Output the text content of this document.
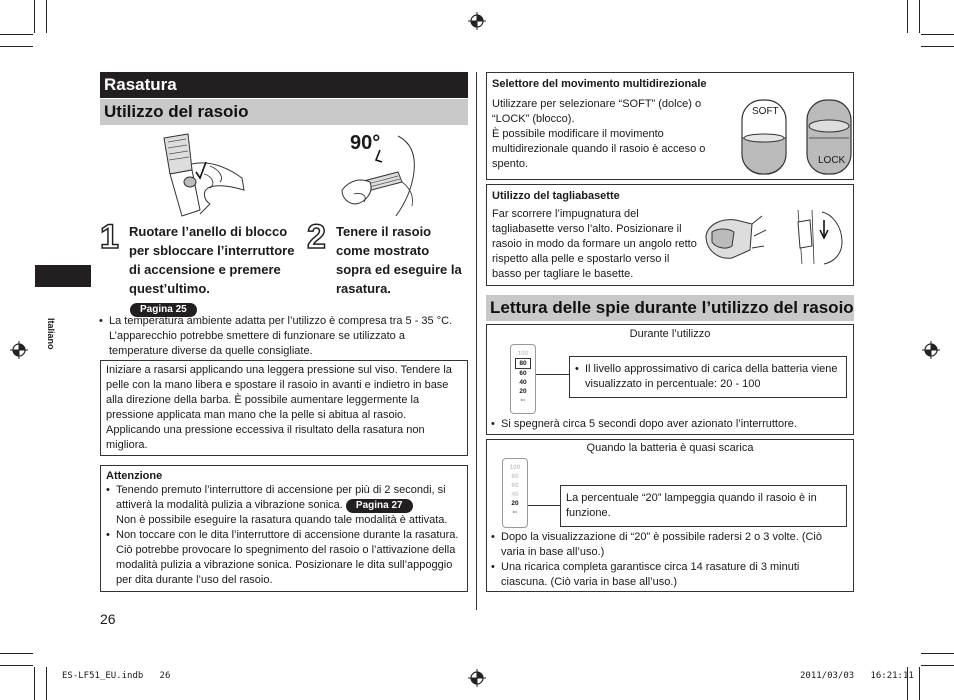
Italiano
Rasatura
Utilizzo del rasoio
90°
1 Ruotare l’anello di blocco per sbloccare l’interruttore di accensione e premere quest’ultimo.
Pagina 25
2 Tenere il rasoio come mostrato sopra ed eseguire la rasatura.
• La temperatura ambiente adatta per l’utilizzo è compresa tra 5 - 35 °C. L’apparecchio potrebbe smettere di funzionare se utilizzato a temperature diverse da quelle consigliate.
Iniziare a rasarsi applicando una leggera pressione sul viso. Tendere la pelle con la mano libera e spostare il rasoio in avanti e indietro in base alla direzione della barba. È possibile aumentare leggermente la pressione applicata man mano che la pelle si abitua al rasoio. Applicando una pressione eccessiva il risultato della rasatura non migliora.
Attenzione
• Tenendo premuto l’interruttore di accensione per più di 2 secondi, si attiverà la modalità pulizia a vibrazione sonica. Pagina 27
Non è possibile eseguire la rasatura quando tale modalità è attivata.
• Non toccare con le dita l’interruttore di accensione durante la rasatura. Ciò potrebbe provocare lo spegnimento del rasoio o l’attivazione della modalità pulizia a vibrazione sonica. Posizionare le dita sull’appoggio per dita durante l’uso del rasoio.
26
Selettore del movimento multidirezionale
Utilizzare per selezionare “SOFT” (dolce) o “LOCK” (blocco).
È possibile modificare il movimento multidirezionale quando il rasoio è acceso o spento.
SOFT
LOCK
Utilizzo del tagliabasette
Far scorrere l’impugnatura del tagliabasette verso l’alto. Posizionare il rasoio in modo da formare un angolo retto rispetto alla pelle e spostarlo verso il basso per tagliare le basette.
Lettura delle spie durante l’utilizzo del rasoio
Durante l’utilizzo
100
80
60
40
20
⇐
• Il livello approssimativo di carica della batteria viene visualizzato in percentuale: 20 - 100
• Si spegnerà circa 5 secondi dopo aver azionato l’interruttore.
Quando la batteria è quasi scarica
100
80
60
40
20
⇐
La percentuale “20” lampeggia quando il rasoio è in funzione.
• Dopo la visualizzazione di “20” è possibile radersi 2 o 3 volte. (Ciò varia in base all’uso.)
• Una ricarica completa garantisce circa 14 rasature di 3 minuti ciascuna. (Ciò varia in base all’uso.)
ES-LF51_EU.indb   26	2011/03/03   16:21:11
